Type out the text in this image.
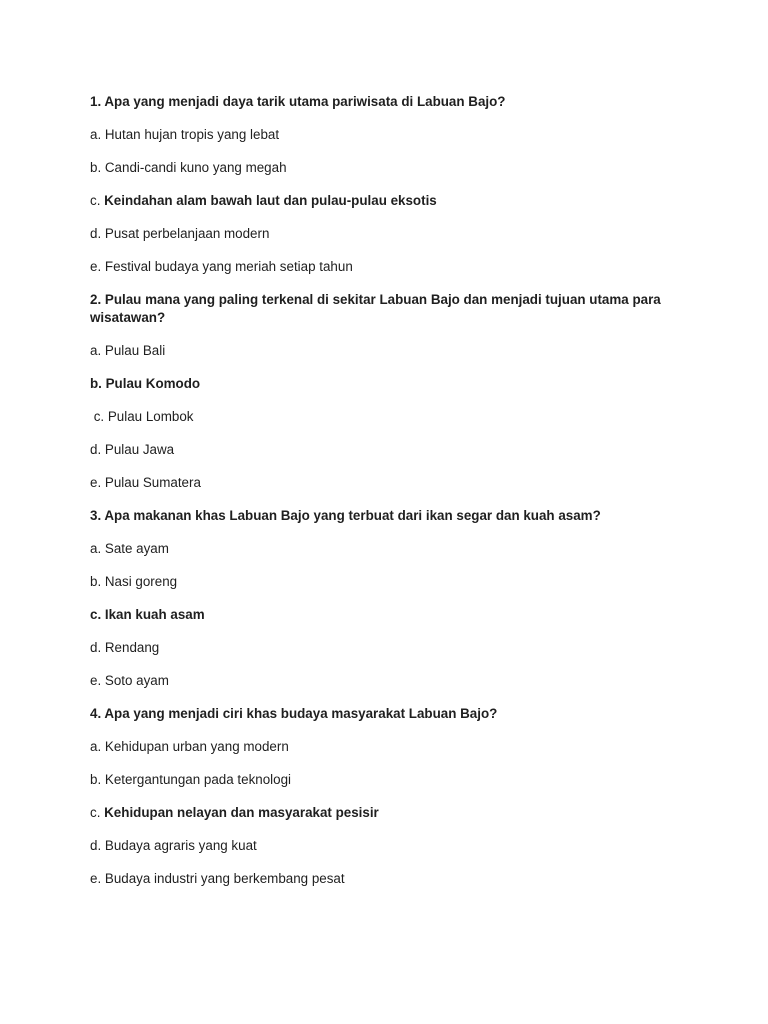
1. Apa yang menjadi daya tarik utama pariwisata di Labuan Bajo?
a. Hutan hujan tropis yang lebat
b. Candi-candi kuno yang megah
c. Keindahan alam bawah laut dan pulau-pulau eksotis
d. Pusat perbelanjaan modern
e. Festival budaya yang meriah setiap tahun
2. Pulau mana yang paling terkenal di sekitar Labuan Bajo dan menjadi tujuan utama para wisatawan?
a. Pulau Bali
b. Pulau Komodo
c. Pulau Lombok
d. Pulau Jawa
e. Pulau Sumatera
3. Apa makanan khas Labuan Bajo yang terbuat dari ikan segar dan kuah asam?
a. Sate ayam
b. Nasi goreng
c. Ikan kuah asam
d. Rendang
e. Soto ayam
4. Apa yang menjadi ciri khas budaya masyarakat Labuan Bajo?
a. Kehidupan urban yang modern
b. Ketergantungan pada teknologi
c. Kehidupan nelayan dan masyarakat pesisir
d. Budaya agraris yang kuat
e. Budaya industri yang berkembang pesat
